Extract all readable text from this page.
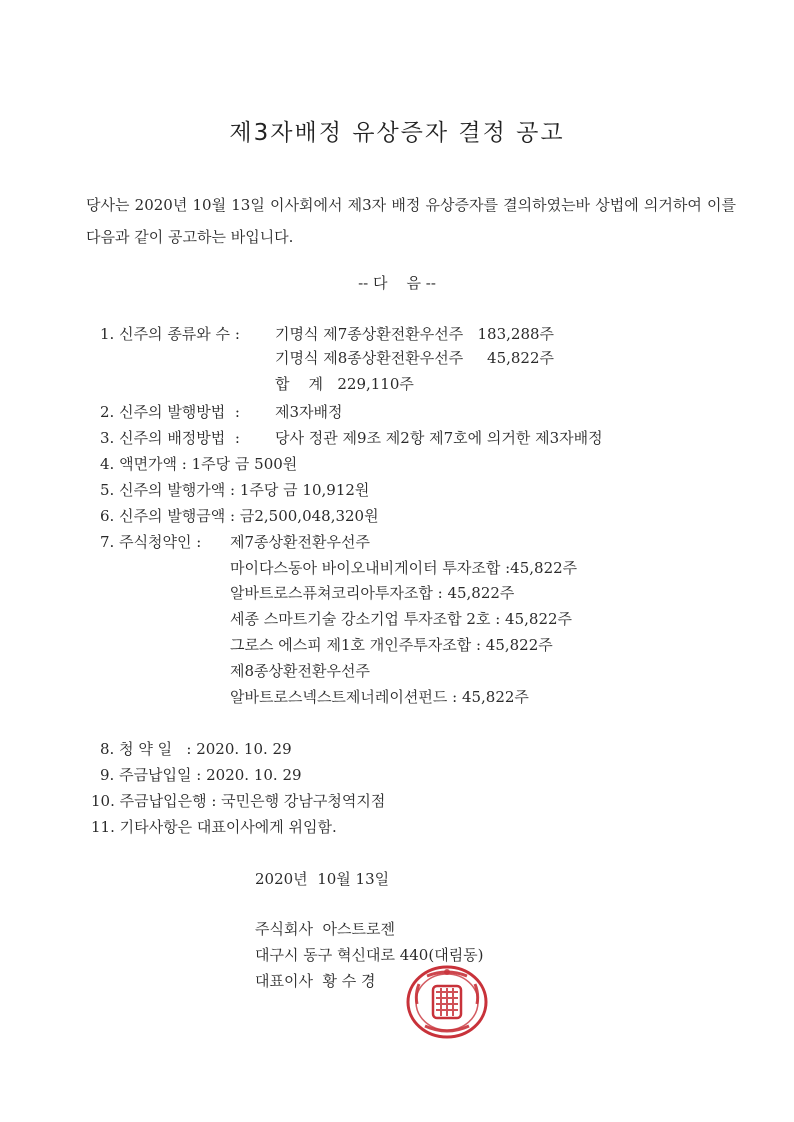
제3자배정 유상증자 결정 공고
당사는 2020년 10월 13일 이사회에서 제3자 배정 유상증자를 결의하였는바 상법에 의거하여 이를 다음과 같이 공고하는 바입니다.
-- 다    음 --
1. 신주의 종류와 수 : 기명식 제7종상환전환우선주   183,288주
기명식 제8종상환전환우선주     45,822주
합    계   229,110주
2. 신주의 발행방법  : 제3자배정
3. 신주의 배정방법  : 당사 정관 제9조 제2항 제7호에 의거한 제3자배정
4. 액면가액 : 1주당 금 500원
5. 신주의 발행가액 : 1주당 금 10,912원
6. 신주의 발행금액 : 금2,500,048,320원
7. 주식청약인 : 제7종상환전환우선주
마이다스동아 바이오내비게이터 투자조합 :45,822주
알바트로스퓨쳐코리아투자조합 : 45,822주
세종 스마트기술 강소기업 투자조합 2호 : 45,822주
그로스 에스피 제1호 개인주투자조합 : 45,822주
제8종상환전환우선주
알바트로스넥스트제너레이션펀드 : 45,822주
8. 청 약 일   : 2020. 10. 29
9. 주금납입일 : 2020. 10. 29
10. 주금납입은행 : 국민은행 강남구청역지점
11. 기타사항은 대표이사에게 위임함.
2020년  10월 13일
주식회사  아스트로젠
대구시 동구 혁신대로 440(대림동)
대표이사  황 수 경
